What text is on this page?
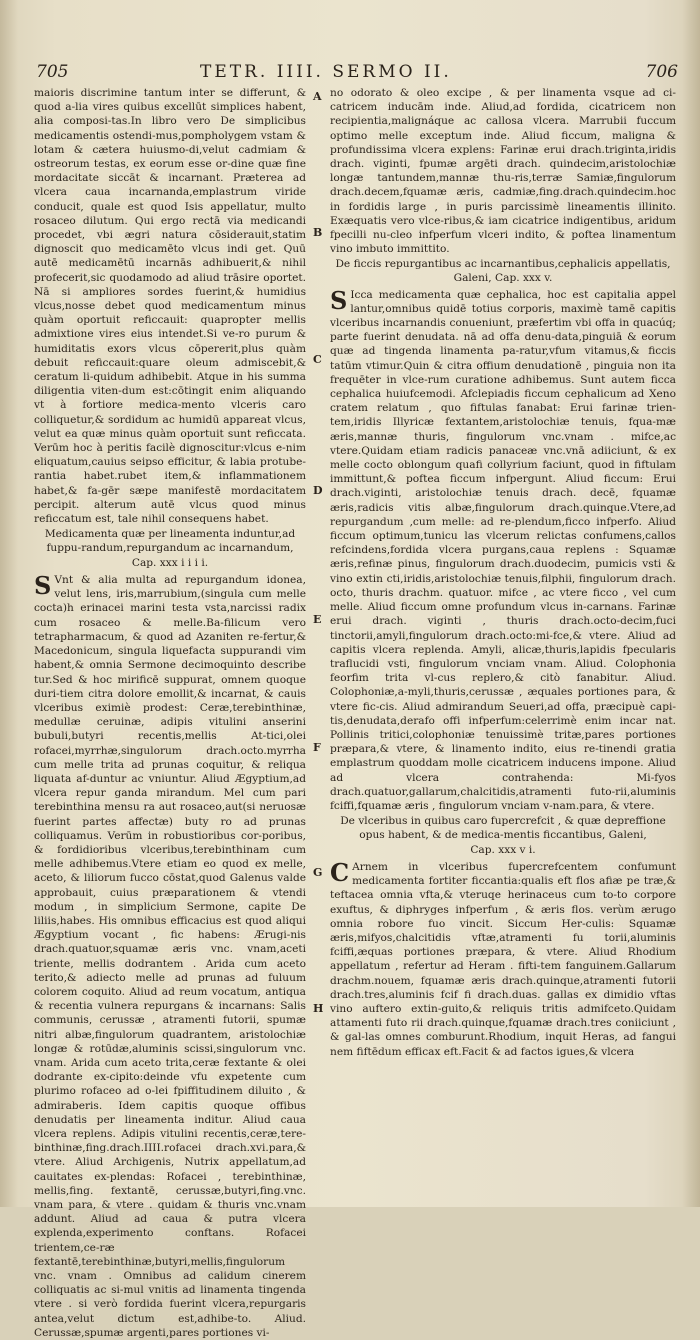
705	TETR. IIII. SERMO II.	706

maioris discrimine tantum inter se differunt, & quod a-lia vires quibus excellūt simplices habent, alia composi-tas.In libro vero De simplicibus medicamentis ostendi-mus,pompholygem vstam & lotam & cætera huiusmo-di,velut cadmiam & ostreorum testas, ex eorum esse or-dine quæ fine mordacitate siccāt & incarnant. Præterea ad vlcera caua incarnanda,emplastrum viride conducit, quale est quod Isis appellatur, multo rosaceo dilutum. Qui ergo rectā via medicandi procedet, vbi ægri natura cōsiderauit,statim dignoscit quo medicamēto vlcus indi get. Quū autē medicamētū incarnās adhibuerit,& nihil profecerit,sic quodamodo ad aliud trāsire oportet. Nā si ampliores sordes fuerint,& humidius vlcus,nosse debet quod medicamentum minus quàm oportuit reficcauit: quapropter mellis admixtione vires eius intendet.Si ve-ro purum & humiditatis exors vlcus cōpererit,plus quàm debuit reficcauit:quare oleum admiscebit,& ceratum li-quidum adhibebit. Atque in his summa diligentia viten-dum est:cōtingit enim aliquando vt à fortiore medica-mento vlceris caro colliquetur,& sordidum ac humidū appareat vlcus, velut ea quæ minus quàm oportuit sunt reficcata. Verūm hoc à peritis facilè dignoscitur:vlcus e-nim eliquatum,cauius seipso efficitur, & labia protube-rantia habet.rubet item,& inflammationem habet,& fa-gēr sæpe manifestē mordacitatem percipit. alterum autē vlcus quod minus reficcatum est, tale nihil consequens habet.

Medicamenta quæ per lineamenta induntur,ad fuppu-randum,repurgandum ac incarnandum,
Cap. xxx i i i i.

S Vnt & alia multa ad repurgandum idonea, velut lens, iris,marrubium,(singula cum melle cocta)h erinacei marini testa vsta,narcissi radix cum rosaceo & melle.Ba-filicum vero tetrapharmacum, & quod ad Azaniten re-fertur,& Macedonicum, singula liquefacta suppurandi vim habent,& omnia Sermone decimoquinto describe tur.Sed & hoc mirificē suppurat, omnem quoque duri-tiem citra dolore emollit,& incarnat, & cauis vlceribus eximiè prodest: Ceræ,terebinthinæ, medullæ ceruinæ, adipis vitulini anserini bubuli,butyri recentis,mellis At-tici,olei rofacei,myrrhæ,singulorum drach.octo.myrrha cum melle trita ad prunas coquitur, & reliqua liquata af-duntur ac vniuntur. Aliud Ægyptium,ad vlcera repur ganda mirandum. Mel cum pari terebinthina mensu ra aut rosaceo,aut(si neruosæ fuerint partes affectæ) buty ro ad prunas colliquamus. Verūm in robustioribus cor-poribus, & fordidioribus vlceribus,terebinthinam cum melle adhibemus.Vtere etiam eo quod ex melle, aceto, & liliorum fucco cōstat,quod Galenus valde approbauit, cuius præparationem & vtendi modum , in simplicium Sermone, capite De liliis,habes. His omnibus efficacius est quod aliqui Ægyptium vocant , fic habens: Ærugi-nis drach.quatuor,squamæ æris vnc. vnam,aceti triente, mellis dodrantem . Arida cum aceto terito,& adiecto melle ad prunas ad fuluum colorem coquito. Aliud ad reum vocatum, antiqua & recentia vulnera repurgans & incarnans: Salis communis, cerussæ , atramenti futorii, spumæ nitri albæ,fingulorum quadrantem, aristolochiæ longæ & rotūdæ,aluminis scissi,singulorum vnc. vnam. Arida cum aceto trita,ceræ fextante & olei dodrante ex-cipito:deinde vfu expetente cum plurimo rofaceo ad o-lei fpiffitudinem diluito , & admiraberis. Idem capitis quoque offibus denudatis per lineamenta inditur. Aliud caua vlcera replens. Adipis vitulini recentis,ceræ,tere-binthinæ,fing.drach.IIII.rofacei drach.xvi.para,& vtere. Aliud Archigenis, Nutrix appellatum,ad cauitates ex-plendas: Rofacei , terebinthinæ, mellis,fing. fextantē, cerussæ,butyri,fing.vnc. vnam para, & vtere . quidam & thuris vnc.vnam addunt. Aliud ad caua & putra vlcera explenda,experimento conftans. Rofacei trientem,ce-ræ fextantē,terebinthinæ,butyri,mellis,fingulorum vnc. vnam . Omnibus ad calidum cinerem colliquatis ac si-mul vnitis ad linamenta tingenda vtere . si verò fordida fuerint vlcera,repurgaris antea,velut dictum est,adhibe-to. Aliud. Cerussæ,spumæ argenti,pares portiones vi-

A
B
C
D
E
F
G
H

no odorato & oleo excipe , & per linamenta vsque ad ci-catricem inducām inde. Aliud,ad fordida, cicatricem non recipientia,malignáque ac callosa vlcera. Marrubii fuccum optimo melle exceptum inde. Aliud ficcum, maligna & profundissima vlcera explens: Farinæ erui drach.triginta,iridis drach. viginti, fpumæ argēti drach. quindecim,aristolochiæ longæ tantundem,mannæ thu-ris,terræ Samiæ,fingulorum drach.decem,fquamæ æris, cadmiæ,fing.drach.quindecim.hoc in fordidis large , in puris parcissimè lineamentis illinito. Exæquatis vero vlce-ribus,& iam cicatrice indigentibus, aridum fpecilli nu-cleo infperfum vlceri indito, & poftea linamentum vino imbuto immittito.

De ficcis repurgantibus ac incarnantibus,cephalicis appellatis, Galeni, Cap. xxx v.

S Icca medicamenta quæ cephalica, hoc est capitalia appel lantur,omnibus quidē totius corporis, maximè tamē capitis vlceribus incarnandis conueniunt, præfertim vbi offa in quacúq; parte fuerint denudata. nā ad offa denu-data,pinguiā & eorum quæ ad tingenda linamenta pa-ratur,vfum vitamus,& ficcis tatūm vtimur.Quin & citra offium denudationē , pinguia non ita frequēter in vlce-rum curatione adhibemus. Sunt autem ficca cephalica huiufcemodi. Afclepiadis ficcum cephalicum ad Xeno cratem relatum , quo fiftulas fanabat: Erui farinæ trien-tem,iridis Illyricæ fextantem,aristolochiæ tenuis, fqua-mæ æris,mannæ thuris, fingulorum vnc.vnam . mifce,ac vtere.Quidam etiam radicis panaceæ vnc.vnā adiiciunt, & ex melle cocto oblongum quafi collyrium faciunt, quod in fiftulam immittunt,& poftea ficcum infpergunt. Aliud ficcum: Erui drach.viginti, aristolochiæ tenuis drach. decē, fquamæ æris,radicis vitis albæ,fingulorum drach.quinque.Vtere,ad repurgandum ,cum melle: ad re-plendum,ficco infperfo. Aliud ficcum optimum,tunicu las vlcerum relictas confumens,callos refcindens,fordida vlcera purgans,caua replens : Squamæ æris,refinæ pinus, fingulorum drach.duodecim, pumicis vsti & vino extin cti,iridis,aristolochiæ tenuis,filphii, fingulorum drach. octo, thuris drachm. quatuor. mifce , ac vtere ficco , vel cum melle. Aliud ficcum omne profundum vlcus in-carnans. Farinæ erui drach. viginti , thuris drach.octo-decim,fuci tinctorii,amyli,fingulorum drach.octo:mi-fce,& vtere. Aliud ad capitis vlcera replenda. Amyli, alicæ,thuris,lapidis fpecularis traflucidi vsti, fingulorum vnciam vnam. Aliud. Colophonia feorfim trita vl-cus replero,& citò fanabitur. Aliud. Colophoniæ,a-myli,thuris,cerussæ , æquales portiones para, & vtere fic-cis. Aliud admirandum Seueri,ad offa, præcipuè capi-tis,denudata,derafo offi infperfum:celerrimè enim incar nat. Pollinis tritici,colophoniæ tenuissimè tritæ,pares portiones præpara,& vtere, & linamento indito, eius re-tinendi gratia emplastrum quoddam molle cicatricem inducens impone. Aliud ad vlcera contrahenda: Mi-fyos drach.quatuor,gallarum,chalcitidis,atramenti futo-rii,aluminis fciffi,fquamæ æris , fingulorum vnciam v-nam.para, & vtere.

De vlceribus in quibus caro fupercrefcit , & quæ depreffione opus habent, & de medica-mentis ficcantibus, Galeni,
Cap. xxx v i.

C Arnem in vlceribus fupercrefcentem confumunt medicamenta fortiter ficcantia:qualis eft flos afiæ pe træ,& teftacea omnia vfta,& vteruqe herinaceus cum to-to corpore exuftus, & diphryges infperfum , & æris flos. verùm ærugo omnia robore fuo vincit. Siccum Her-culis: Squamæ æris,mifyos,chalcitidis vftæ,atramenti fu torii,aluminis fciffi,æquas portiones præpara, & vtere. Aliud Rhodium appellatum , refertur ad Heram . fifti-tem fanguinem.Gallarum drachm.nouem, fquamæ æris drach.quinque,atramenti futorii drach.tres,aluminis fcif fi drach.duas. gallas ex dimidio vftas vino auftero extin-guito,& reliquis tritis admifceto.Quidam attamenti futo rii drach.quinque,fquamæ drach.tres coniiciunt , & gal-las omnes comburunt.Rhodium, inquit Heras, ad fangui nem fiftēdum efficax eft.Facit & ad factos igues,& vlcera
